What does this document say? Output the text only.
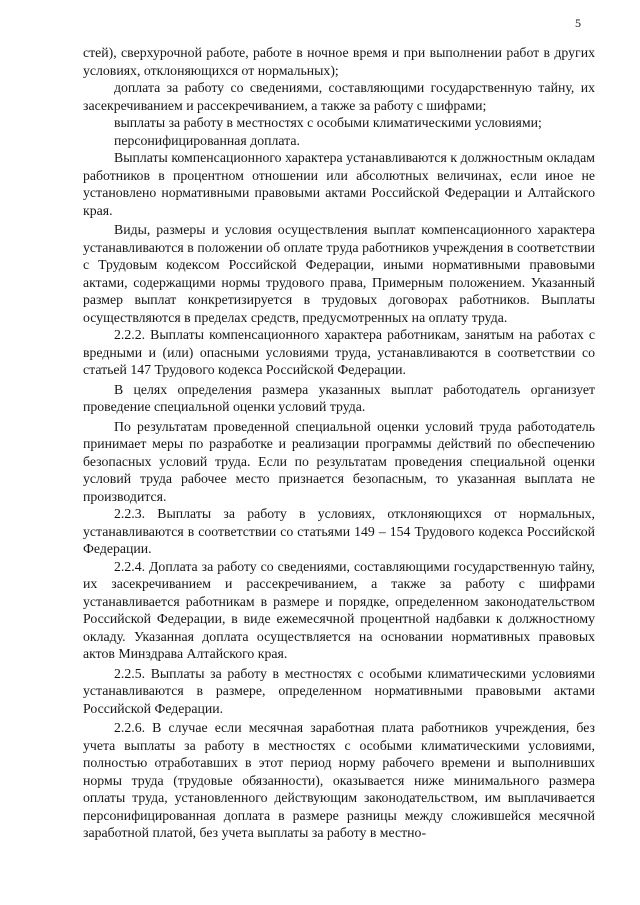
5

стей), сверхурочной работе, работе в ночное время и при выполнении работ в других условиях, отклоняющихся от нормальных);

доплата за работу со сведениями, составляющими государственную тайну, их засекречиванием и рассекречиванием, а также за работу с шифрами;

выплаты за работу в местностях с особыми климатическими условиями;

персонифицированная доплата.

Выплаты компенсационного характера устанавливаются к должностным окладам работников в процентном отношении или абсолютных величинах, если иное не установлено нормативными правовыми актами Российской Федерации и Алтайского края.

Виды, размеры и условия осуществления выплат компенсационного характера устанавливаются в положении об оплате труда работников учреждения в соответствии с Трудовым кодексом Российской Федерации, иными нормативными правовыми актами, содержащими нормы трудового права, Примерным положением. Указанный размер выплат конкретизируется в трудовых договорах работников. Выплаты осуществляются в пределах средств, предусмотренных на оплату труда.

2.2.2. Выплаты компенсационного характера работникам, занятым на работах с вредными и (или) опасными условиями труда, устанавливаются в соответствии со статьей 147 Трудового кодекса Российской Федерации.

В целях определения размера указанных выплат работодатель организует проведение специальной оценки условий труда.

По результатам проведенной специальной оценки условий труда работодатель принимает меры по разработке и реализации программы действий по обеспечению безопасных условий труда. Если по результатам проведения специальной оценки условий труда рабочее место признается безопасным, то указанная выплата не производится.

2.2.3. Выплаты за работу в условиях, отклоняющихся от нормальных, устанавливаются в соответствии со статьями 149 – 154 Трудового кодекса Российской Федерации.

2.2.4. Доплата за работу со сведениями, составляющими государственную тайну, их засекречиванием и рассекречиванием, а также за работу с шифрами устанавливается работникам в размере и порядке, определенном законодательством Российской Федерации, в виде ежемесячной процентной надбавки к должностному окладу. Указанная доплата осуществляется на основании нормативных правовых актов Минздрава Алтайского края.

2.2.5. Выплаты за работу в местностях с особыми климатическими условиями устанавливаются в размере, определенном нормативными правовыми актами Российской Федерации.

2.2.6. В случае если месячная заработная плата работников учреждения, без учета выплаты за работу в местностях с особыми климатическими условиями, полностью отработавших в этот период норму рабочего времени и выполнивших нормы труда (трудовые обязанности), оказывается ниже минимального размера оплаты труда, установленного действующим законодательством, им выплачивается персонифицированная доплата в размере разницы между сложившейся месячной заработной платой, без учета выплаты за работу в местно-
